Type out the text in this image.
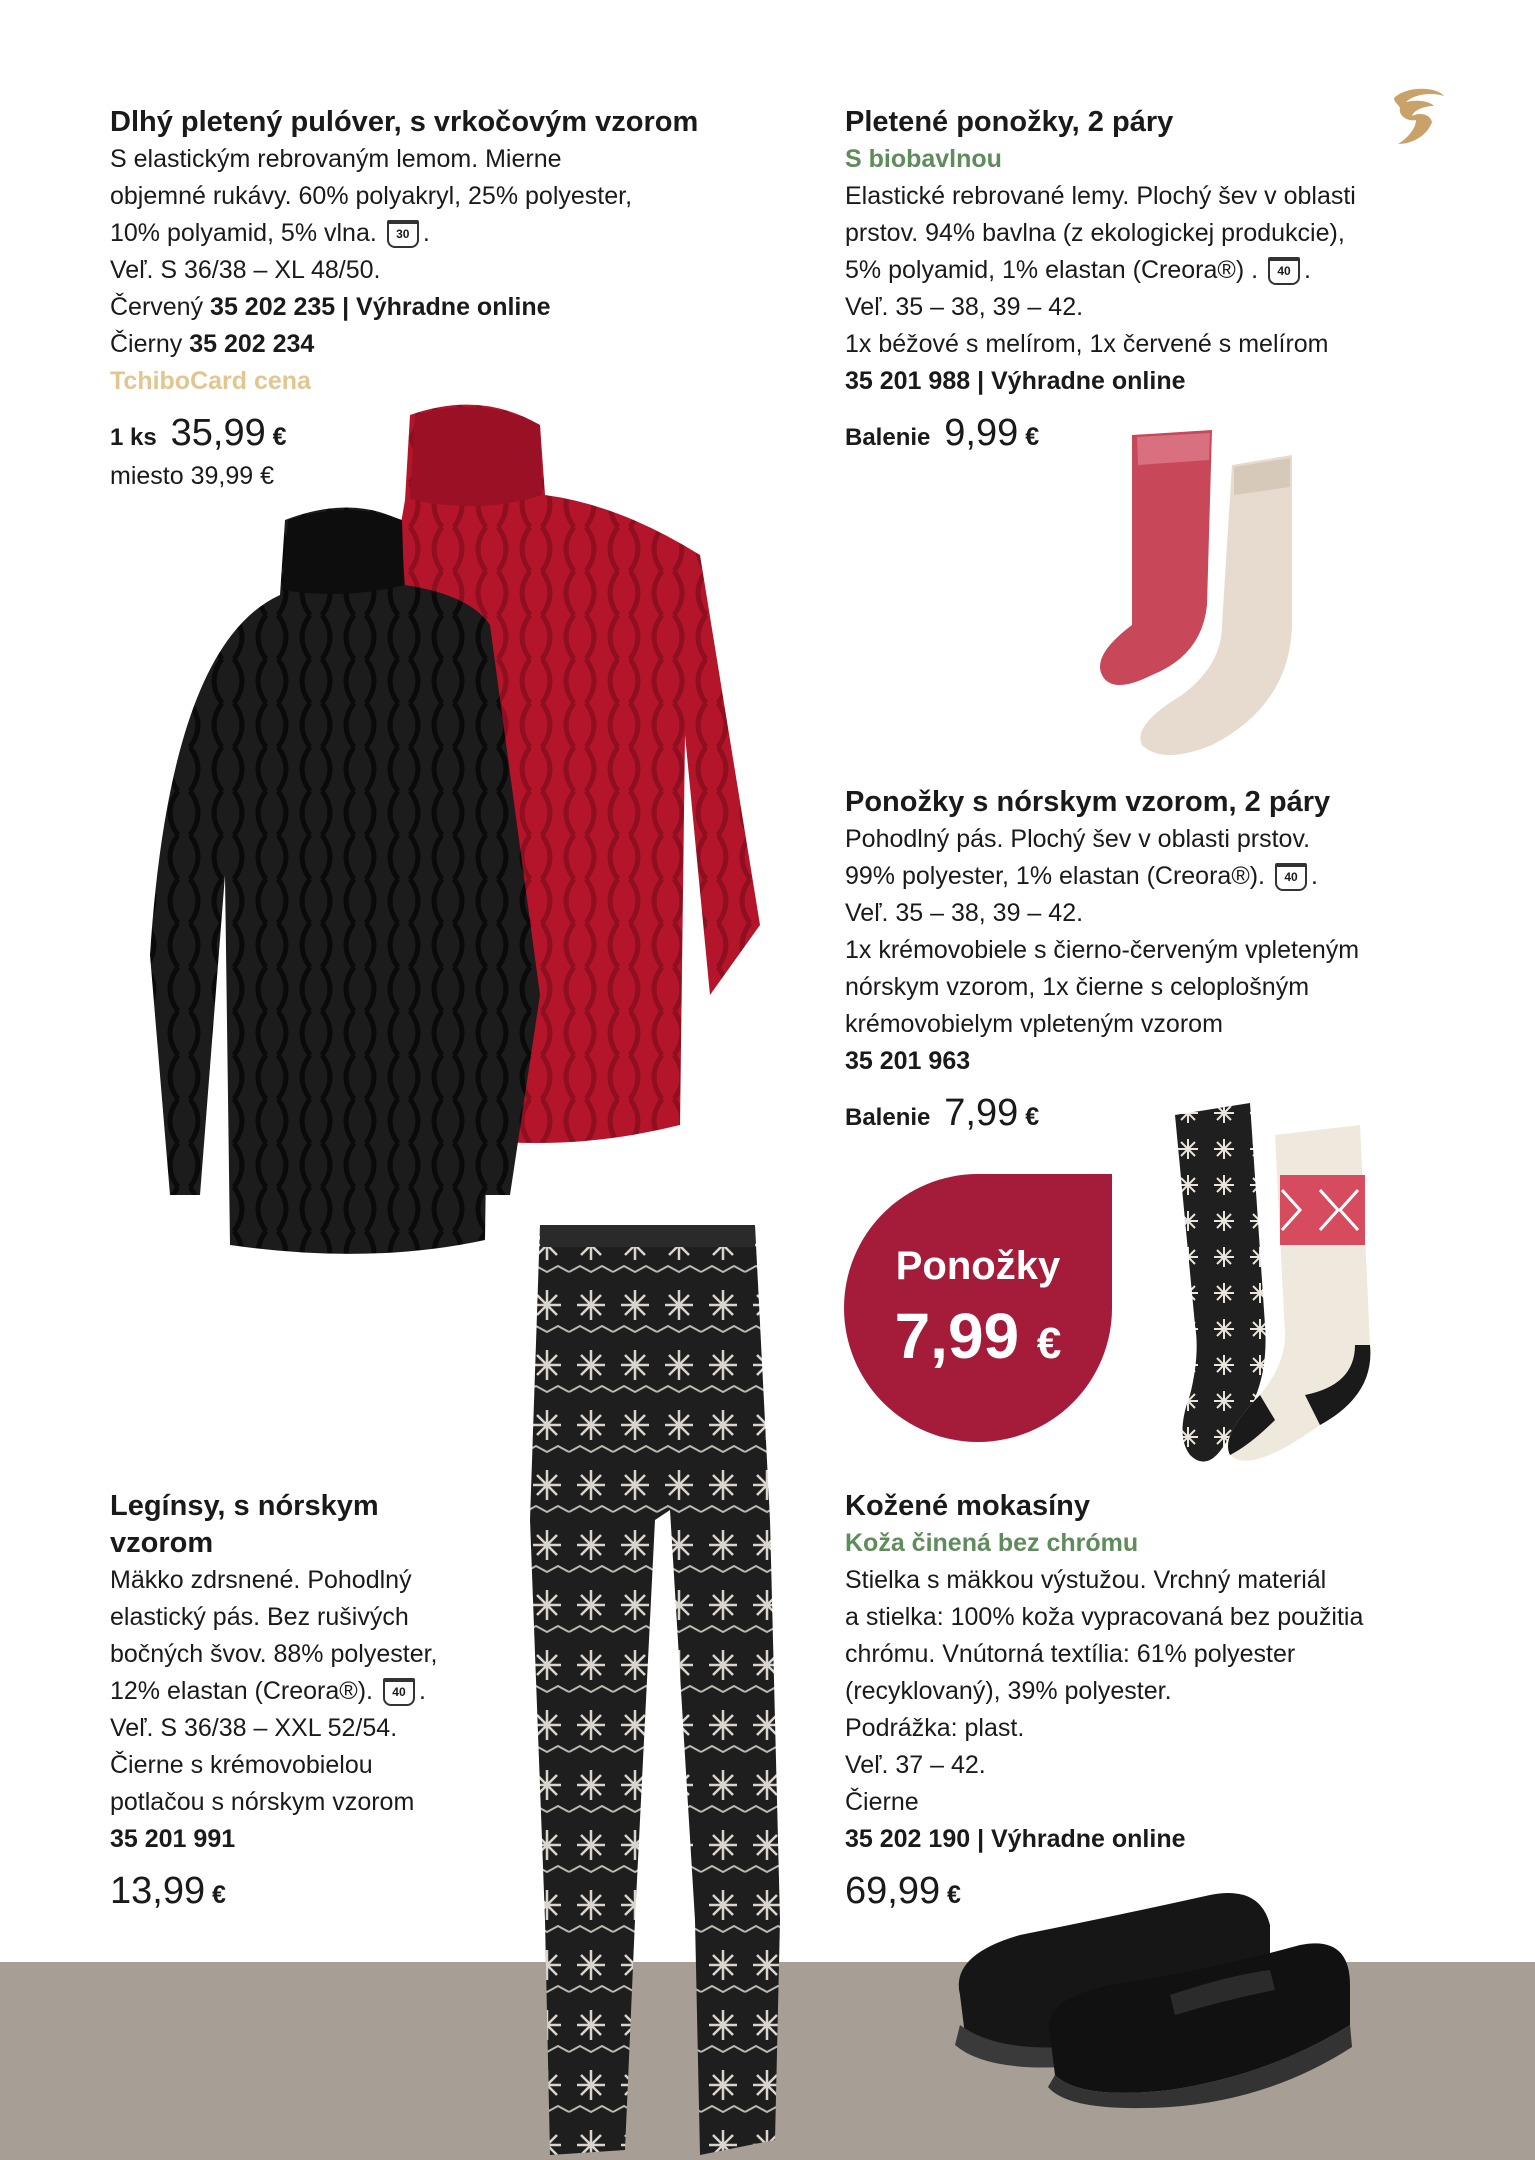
Dlhý pletený pulóver, s vrkočovým vzorom
S elastickým rebrovaným lemom. Mierne
objemné rukávy. 60% polyakryl, 25% polyester,
10% polyamid, 5% vlna. 30 .
Veľ. S 36/38 – XL 48/50.
Červený 35 202 235 | Výhradne online
Čierny 35 202 234
TchiboCard cena
1 ks 35,99 €
miesto 39,99 €
Pletené ponožky, 2 páry
S biobavlnou
Elastické rebrované lemy. Plochý šev v oblasti
prstov. 94% bavlna (z ekologickej produkcie),
5% polyamid, 1% elastan (Creora®) . 40 .
Veľ. 35 – 38, 39 – 42.
1x béžové s melírom, 1x červené s melírom
35 201 988 | Výhradne online
Balenie 9,99 €
Ponožky s nórskym vzorom, 2 páry
Pohodlný pás. Plochý šev v oblasti prstov.
99% polyester, 1% elastan (Creora®). 40 .
Veľ. 35 – 38, 39 – 42.
1x krémovobiele s čierno-červeným vpleteným
nórskym vzorom, 1x čierne s celoplošným
krémovobielym vpleteným vzorom
35 201 963
Balenie 7,99 €
Legínsy, s nórskym
vzorom
Mäkko zdrsnené. Pohodlný
elastický pás. Bez rušivých
bočných švov. 88% polyester,
12% elastan (Creora®). 40 .
Veľ. S 36/38 – XXL 52/54.
Čierne s krémovobielou
potlačou s nórskym vzorom
35 201 991
13,99 €
Kožené mokasíny
Koža činená bez chrómu
Stielka s mäkkou výstužou. Vrchný materiál
a stielka: 100% koža vypracovaná bez použitia
chrómu. Vnútorná textília: 61% polyester
(recyklovaný), 39% polyester.
Podrážka: plast.
Veľ. 37 – 42.
Čierne
35 202 190 | Výhradne online
69,99 €
Ponožky
7,99 €
